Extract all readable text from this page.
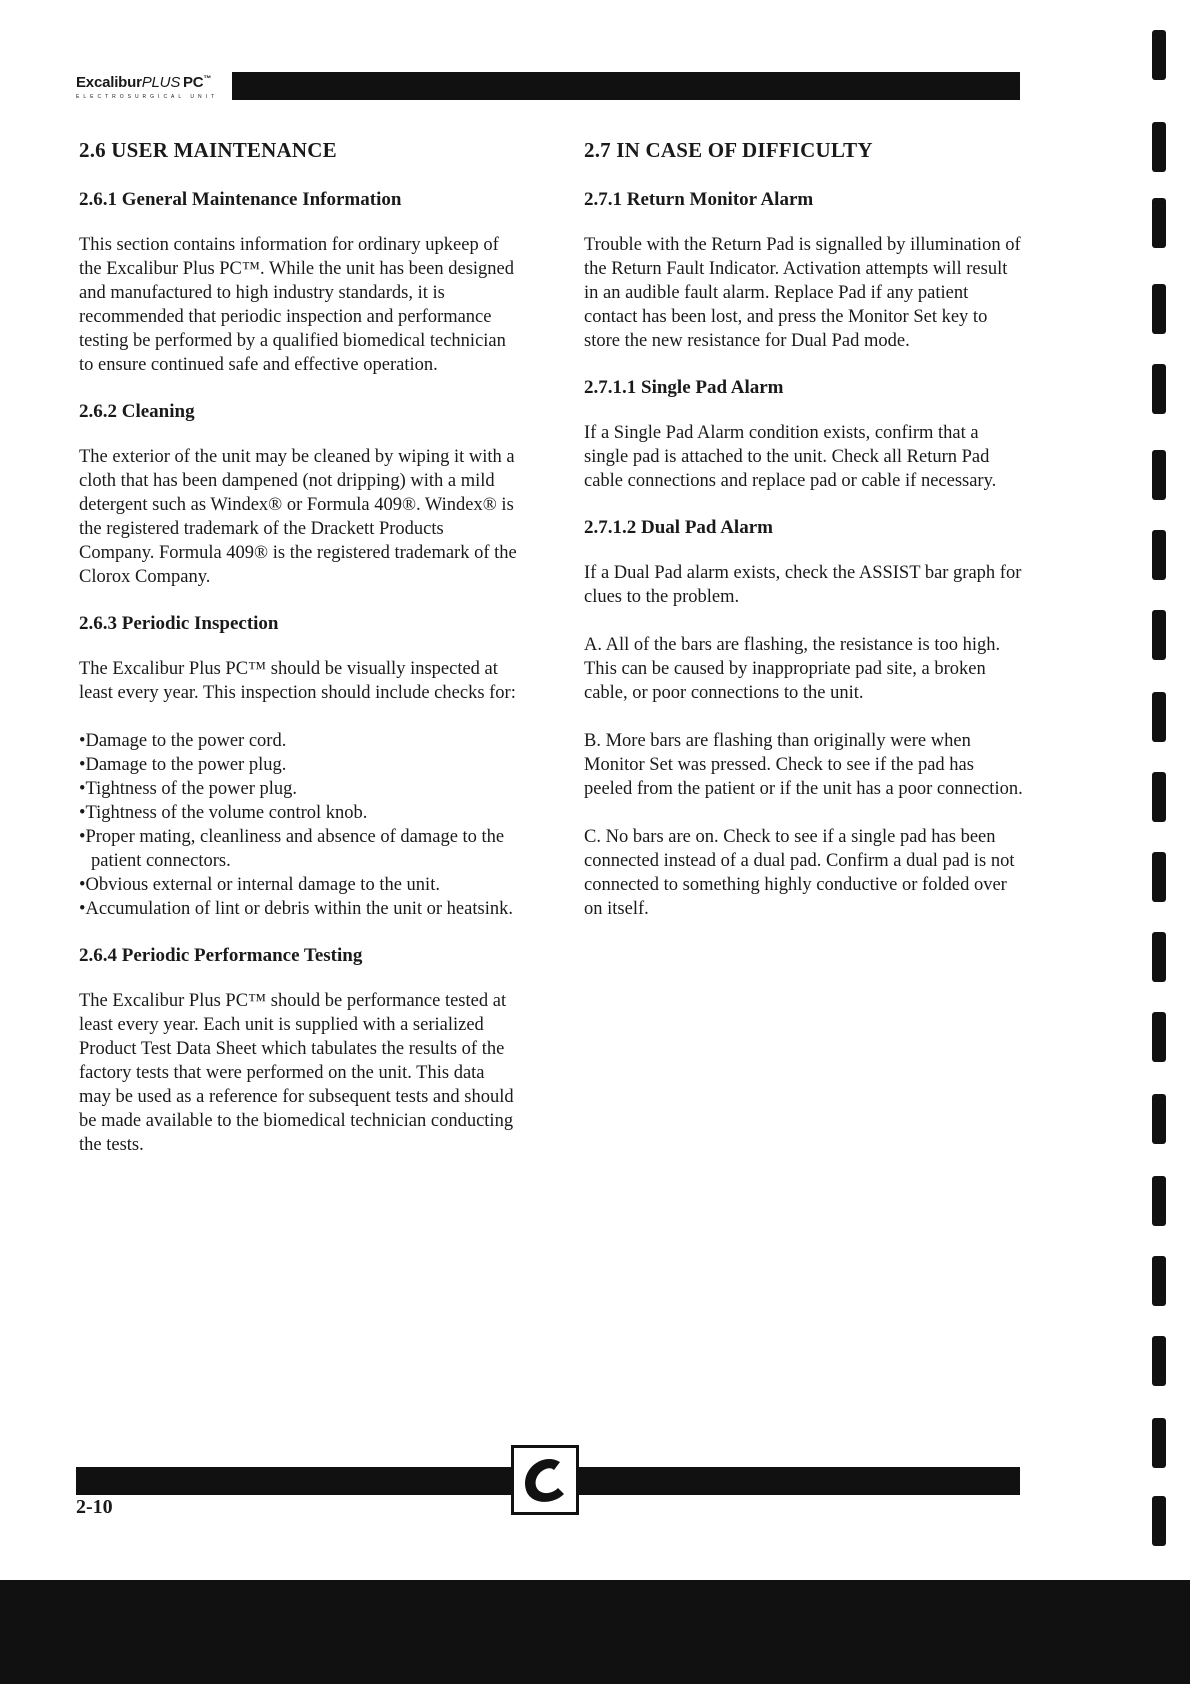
ExcaliburPLUS  PC™
ELECTROSURGICAL UNIT
2.6 USER MAINTENANCE
2.6.1 General Maintenance Information

This section contains information for ordinary upkeep of the Excalibur Plus PC™. While the unit has been designed and manufactured to high industry standards, it is recommended that periodic inspection and performance testing be performed by a qualified biomedical technician to ensure continued safe and effective operation.

2.6.2 Cleaning

The exterior of the unit may be cleaned by wiping it with a cloth that has been dampened (not dripping) with a mild detergent such as Windex® or Formula 409®. Windex® is the registered trademark of the Drackett Products Company. Formula 409® is the registered trademark of the Clorox Company.

2.6.3 Periodic Inspection

The Excalibur Plus PC™ should be visually inspected at least every year. This inspection should include checks for:

•Damage to the power cord.
•Damage to the power plug.
•Tightness of the power plug.
•Tightness of the volume control knob.
•Proper mating, cleanliness and absence of damage to the patient connectors.
•Obvious external or internal damage to the unit.
•Accumulation of lint or debris within the unit or heatsink.
2.6.4 Periodic Performance Testing

The Excalibur Plus PC™ should be performance tested at least every year. Each unit is supplied with a serialized Product Test Data Sheet which tabulates the results of the factory tests that were performed on the unit. This data may be used as a reference for subsequent tests and should be made available to the biomedical technician conducting the tests.

2.7 IN CASE OF DIFFICULTY
2.7.1 Return Monitor Alarm

Trouble with the Return Pad is signalled by illumination of the Return Fault Indicator. Activation attempts will result in an audible fault alarm. Replace Pad if any patient contact has been lost, and press the Monitor Set key to store the new resistance for Dual Pad mode.

2.7.1.1 Single Pad Alarm

If a Single Pad Alarm condition exists, confirm that a single pad is attached to the unit. Check all Return Pad cable connections and replace pad or cable if necessary.

2.7.1.2 Dual Pad Alarm

If a Dual Pad alarm exists, check the ASSIST bar graph for clues to the problem.

A. All of the bars are flashing, the resistance is too high. This can be caused by inappropriate pad site, a broken cable, or poor connections to the unit.

B. More bars are flashing than originally were when Monitor Set was pressed. Check to see if the pad has peeled from the patient or if the unit has a poor connection.

C. No bars are on. Check to see if a single pad has been connected instead of a dual pad. Confirm a dual pad is not connected to something highly conductive or folded over on itself.

2-10
